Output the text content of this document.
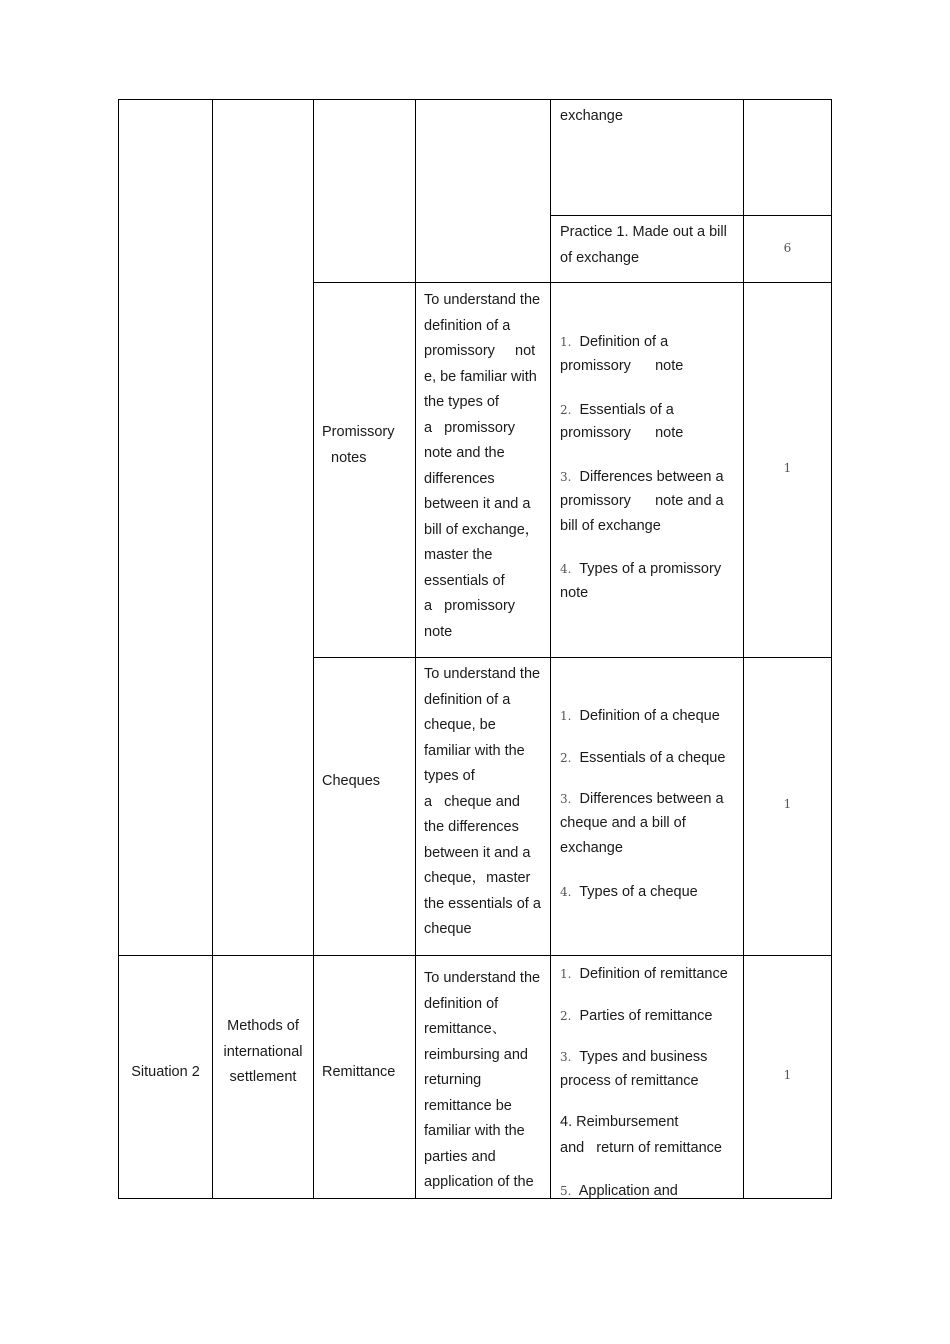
exchange
Practice 1. Made out a bill
of exchange
6
Promissory
notes
To understand the
definition of a
promissory     not
e, be familiar with
the types of
a   promissory
note and the
differences
between it and a
bill of exchange，
master the
essentials of
a   promissory
note
1. Definition of a
promissory      note
2. Essentials of a
promissory      note
3. Differences between a
promissory      note and a
bill of exchange
4. Types of a promissory
note
1
Cheques
To understand the
definition of a
cheque, be
familiar with the
types of
a   cheque and
the differences
between it and a
cheque，master
the essentials of a
cheque
1. Definition of a cheque
2. Essentials of a cheque
3. Differences between a
cheque and a bill of
exchange
4. Types of a cheque
1
Situation 2
Methods of
international
settlement	Remittance
To understand the
definition of
remittance、
reimbursing and
returning
remittance be
familiar with the
parties and
application of the
1. Definition of remittance
2. Parties of remittance
3. Types and business
process of remittance
4. Reimbursement
and   return of remittance
5. Application and
1
